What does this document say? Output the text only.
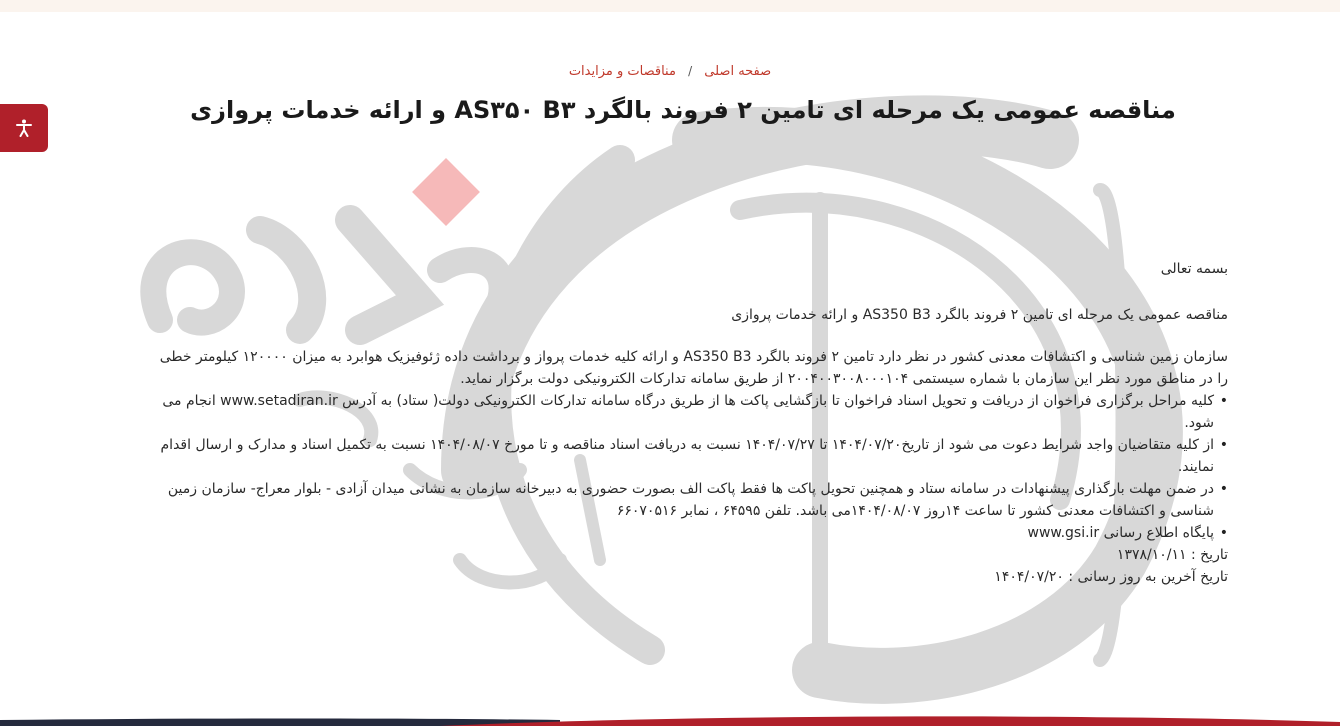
صفحه اصلی / مناقصات و مزایدات
مناقصه عمومی یک مرحله ای تامین ۲ فروند بالگرد AS۳۵۰ B۳ و ارائه خدمات پروازی

بسمه تعالی

مناقصه عمومی یک مرحله ای تامین ۲ فروند بالگرد AS350 B3 و ارائه خدمات پروازی

سازمان زمین شناسی و اکتشافات معدنی کشور در نظر دارد تامین ۲ فروند بالگرد AS350 B3 و ارائه کلیه خدمات پرواز و برداشت داده ژئوفیزیک هوابرد به میزان ۱۲۰۰۰۰ کیلومتر خطی را در مناطق مورد نظر این سازمان با شماره سیستمی ۲۰۰۴۰۰۳۰۰۸۰۰۰۱۰۴ از طریق سامانه تدارکات الکترونیکی دولت برگزار نماید.

• کلیه مراحل برگزاری فراخوان از دریافت و تحویل اسناد فراخوان تا بازگشایی پاکت ها از طریق درگاه سامانه تدارکات الکترونیکی دولت( ستاد) به آدرس www.setadiran.ir انجام می شود.
• از کلیه متقاضیان واجد شرایط دعوت می شود از تاریخ۱۴۰۴/۰۷/۲۰ تا ۱۴۰۴/۰۷/۲۷ نسبت به دریافت اسناد مناقصه و تا مورخ ۱۴۰۴/۰۸/۰۷ نسبت به تکمیل اسناد و مدارک و ارسال اقدام نمایند.
• در ضمن مهلت بارگذاری پیشنهادات در سامانه ستاد و همچنین تحویل پاکت ها فقط پاکت الف بصورت حضوری به دبیرخانه سازمان به نشانی میدان آزادی - بلوار معراج- سازمان زمین شناسی و اکتشافات معدنی کشور تا ساعت ۱۴روز ۱۴۰۴/۰۸/۰۷می باشد. تلفن ۶۴۵۹۵ ، نمابر ۶۶۰۷۰۵۱۶
• پایگاه اطلاع رسانی www.gsi.ir

تاریخ : ۱۳۷۸/۱۰/۱۱

تاریخ آخرین به روز رسانی : ۱۴۰۴/۰۷/۲۰
